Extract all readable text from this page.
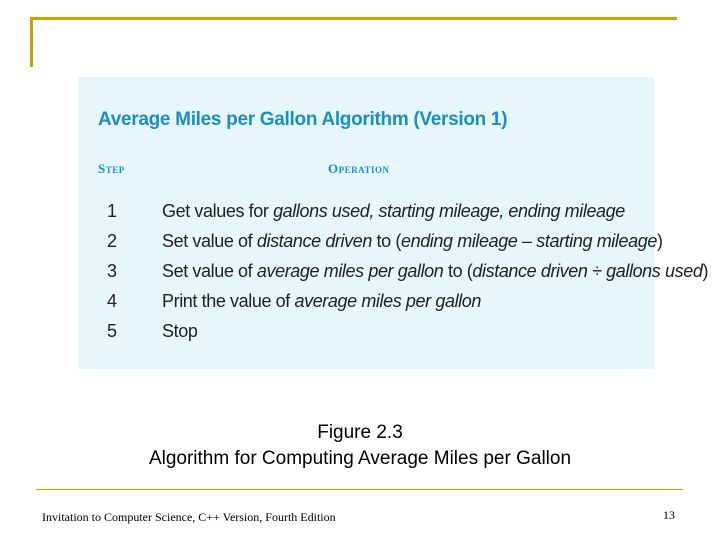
Average Miles per Gallon Algorithm (Version 1)
Step	Operation
1	Get values for gallons used, starting mileage, ending mileage
2	Set value of distance driven to (ending mileage – starting mileage)
3	Set value of average miles per gallon to (distance driven ÷ gallons used)
4	Print the value of average miles per gallon
5	Stop
Figure 2.3
Algorithm for Computing Average Miles per Gallon
Invitation to Computer Science, C++ Version, Fourth Edition	13
